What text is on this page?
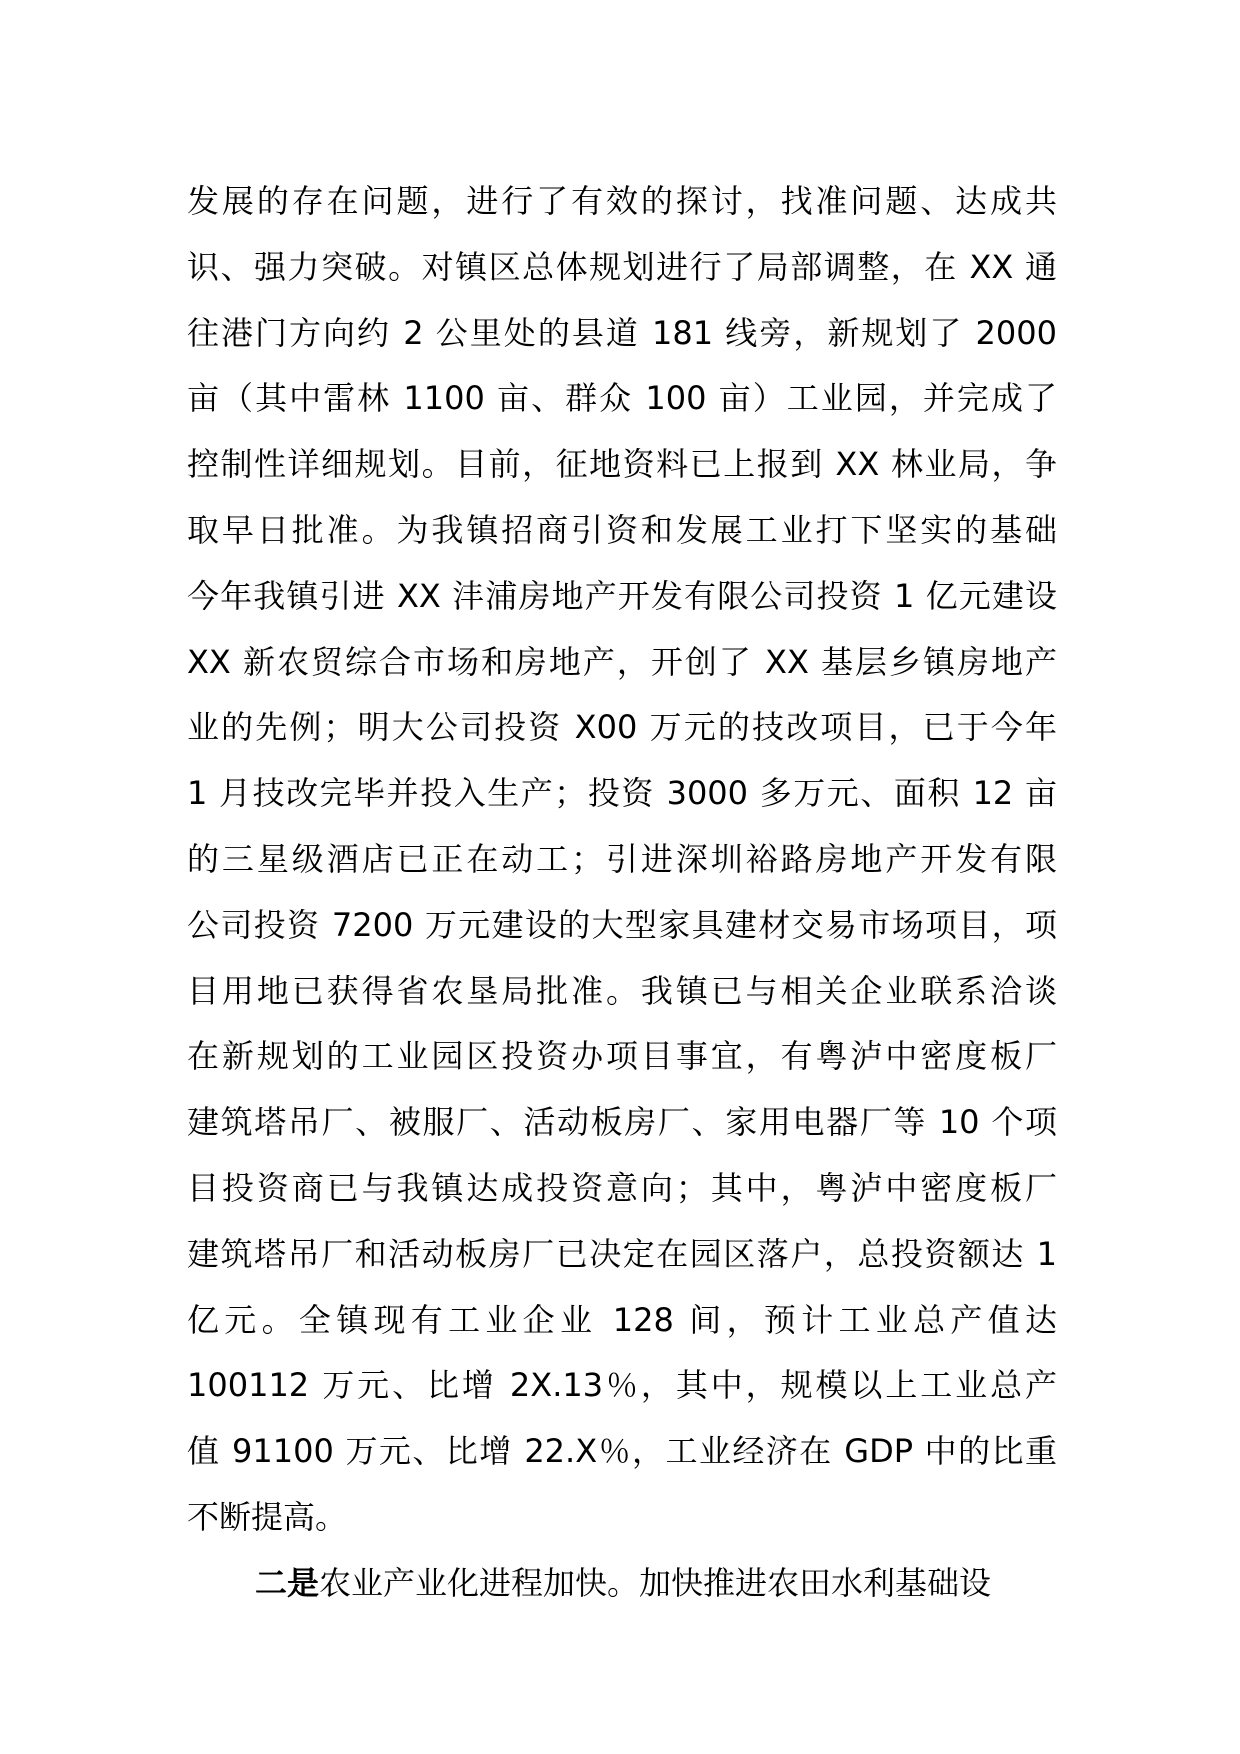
发展的存在问题，进行了有效的探讨，找准问题、达成共

识、强力突破。对镇区总体规划进行了局部调整，在 XX 通

往港门方向约 2 公里处的县道 181 线旁，新规划了 2000

亩（其中雷林 1100 亩、群众 100 亩）工业园，并完成了

控制性详细规划。目前，征地资料已上报到 XX 林业局，争

取早日批准。为我镇招商引资和发展工业打下坚实的基础

今年我镇引进 XX 沣浦房地产开发有限公司投资 1 亿元建设

XX 新农贸综合市场和房地产，开创了 XX 基层乡镇房地产

业的先例；明大公司投资 X00 万元的技改项目，已于今年

1 月技改完毕并投入生产；投资 3000 多万元、面积 12 亩

的三星级酒店已正在动工；引进深圳裕路房地产开发有限

公司投资 7200 万元建设的大型家具建材交易市场项目，项

目用地已获得省农垦局批准。我镇已与相关企业联系洽谈

在新规划的工业园区投资办项目事宜，有粤泸中密度板厂

建筑塔吊厂、被服厂、活动板房厂、家用电器厂等 10 个项

目投资商已与我镇达成投资意向；其中，粤泸中密度板厂

建筑塔吊厂和活动板房厂已决定在园区落户，总投资额达 1

亿元。全镇现有工业企业 128 间，预计工业总产值达

100112 万元、比增 2X.13％，其中，规模以上工业总产

值 91100 万元、比增 22.X％，工业经济在 GDP 中的比重

不断提高。

二是农业产业化进程加快。加快推进农田水利基础设
